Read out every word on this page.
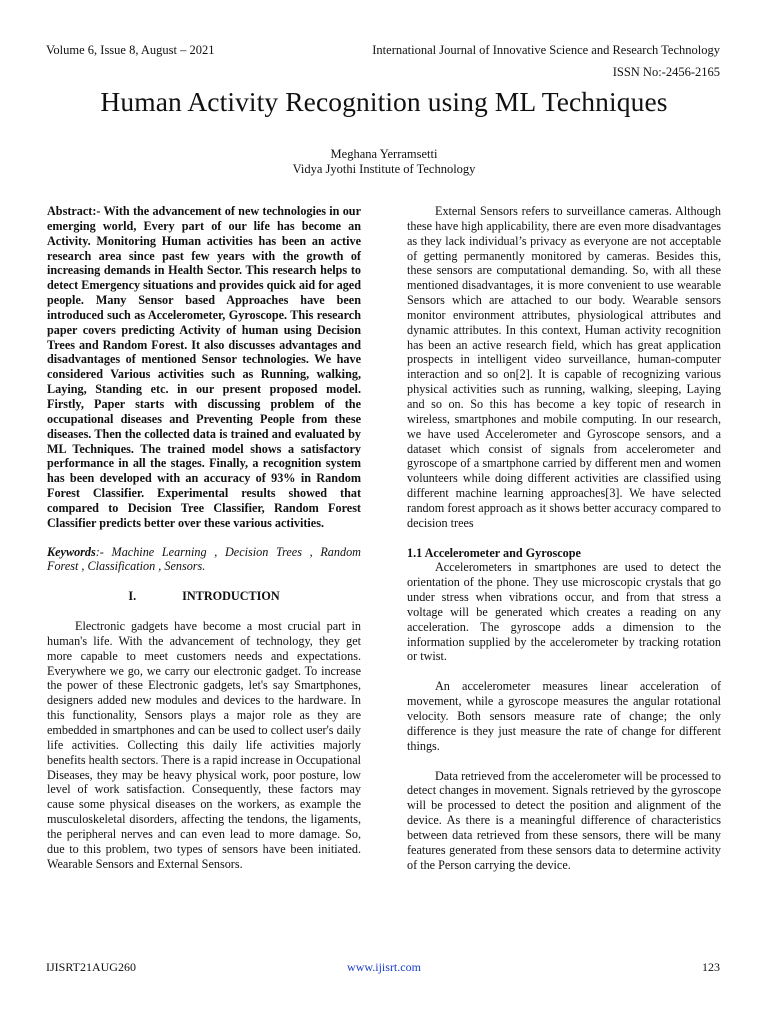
Volume 6, Issue 8, August – 2021	International Journal of Innovative Science and Research Technology
ISSN No:-2456-2165
Human Activity Recognition using ML Techniques
Meghana Yerramsetti
Vidya Jyothi Institute of Technology

Abstract:- With the advancement of new technologies in our emerging world, Every part of our life has become an Activity. Monitoring Human activities has been an active research area since past few years with the growth of increasing demands in Health Sector. This research helps to detect Emergency situations and provides quick aid for aged people. Many Sensor based Approaches have been introduced such as Accelerometer, Gyroscope. This research paper covers predicting Activity of human using Decision Trees and Random Forest. It also discusses advantages and disadvantages of mentioned Sensor technologies. We have considered Various activities such as Running, walking, Laying, Standing etc. in our present proposed model. Firstly, Paper starts with discussing problem of the occupational diseases and Preventing People from these diseases. Then the collected data is trained and evaluated by ML Techniques. The trained model shows a satisfactory performance in all the stages. Finally, a recognition system has been developed with an accuracy of 93% in Random Forest Classifier. Experimental results showed that compared to Decision Tree Classifier, Random Forest Classifier predicts better over these various activities.

Keywords:- Machine Learning , Decision Trees , Random Forest , Classification , Sensors.

I.	INTRODUCTION

Electronic gadgets have become a most crucial part in human's life. With the advancement of technology, they get more capable to meet customers needs and expectations. Everywhere we go, we carry our electronic gadget. To increase the power of these Electronic gadgets, let's say Smartphones, designers added new modules and devices to the hardware. In this functionality, Sensors plays a major role as they are embedded in smartphones and can be used to collect user's daily life activities. Collecting this daily life activities majorly benefits health sectors. There is a rapid increase in Occupational Diseases, they may be heavy physical work, poor posture, low level of work satisfaction. Consequently, these factors may cause some physical diseases on the workers, as example the musculoskeletal disorders, affecting the tendons, the ligaments, the peripheral nerves and can even lead to more damage. So, due to this problem, two types of sensors have been initiated. Wearable Sensors and External Sensors.

External Sensors refers to surveillance cameras. Although these have high applicability, there are even more disadvantages as they lack individual’s privacy as everyone are not acceptable of getting permanently monitored by cameras. Besides this, these sensors are computational demanding. So, with all these mentioned disadvantages, it is more convenient to use wearable Sensors which are attached to our body. Wearable sensors monitor environment attributes, physiological attributes and dynamic attributes. In this context, Human activity recognition has been an active research field, which has great application prospects in intelligent video surveillance, human-computer interaction and so on[2]. It is capable of recognizing various physical activities such as running, walking, sleeping, Laying and so on. So this has become a key topic of research in wireless, smartphones and mobile computing. In our research, we have used Accelerometer and Gyroscope sensors, and a dataset which consist of signals from accelerometer and gyroscope of a smartphone carried by different men and women volunteers while doing different activities are classified using different machine learning approaches[3]. We have selected random forest approach as it shows better accuracy compared to decision trees

1.1 Accelerometer and Gyroscope

Accelerometers in smartphones are used to detect the orientation of the phone. They use microscopic crystals that go under stress when vibrations occur, and from that stress a voltage will be generated which creates a reading on any acceleration. The gyroscope adds a dimension to the information supplied by the accelerometer by tracking rotation or twist.

An accelerometer measures linear acceleration of movement, while a gyroscope measures the angular rotational velocity. Both sensors measure rate of change; the only difference is they just measure the rate of change for different things.

Data retrieved from the accelerometer will be processed to detect changes in movement. Signals retrieved by the gyroscope will be processed to detect the position and alignment of the device. As there is a meaningful difference of characteristics between data retrieved from these sensors, there will be many features generated from these sensors data to determine activity of the Person carrying the device.

IJISRT21AUG260	www.ijisrt.com	123
